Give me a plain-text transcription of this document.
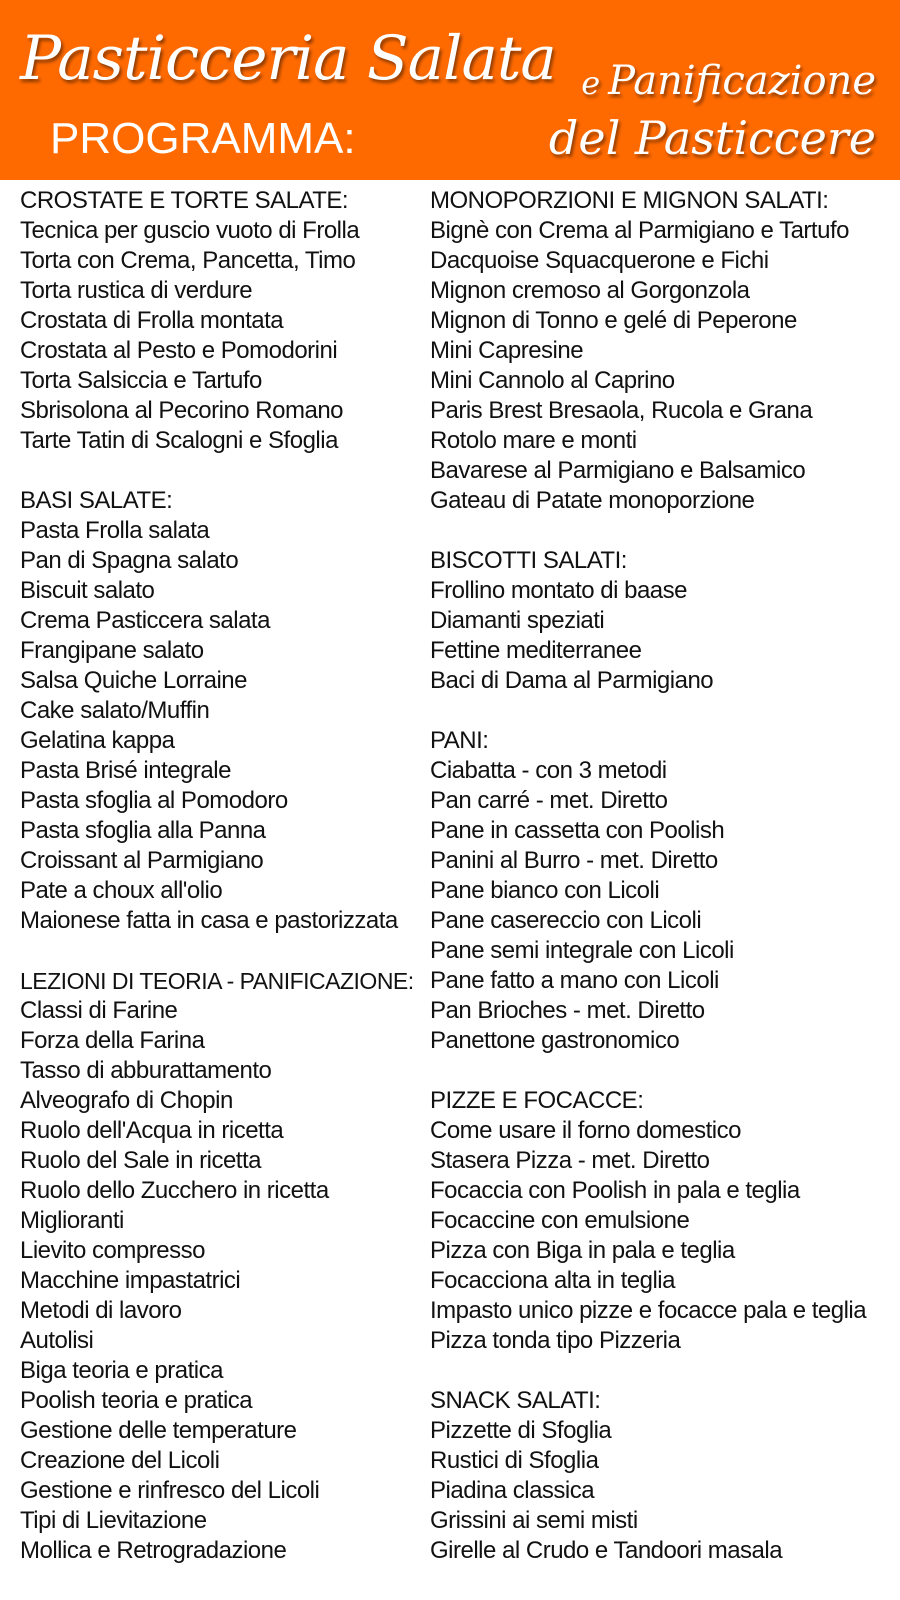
Pasticceria Salata e Panificazione
del Pasticcere
PROGRAMMA:
CROSTATE E TORTE SALATE:
Tecnica per guscio vuoto di Frolla
Torta con Crema, Pancetta, Timo
Torta rustica di verdure
Crostata di Frolla montata
Crostata al Pesto e Pomodorini
Torta Salsiccia e Tartufo
Sbrisolona al Pecorino Romano
Tarte Tatin di Scalogni e Sfoglia
BASI SALATE:
Pasta Frolla salata
Pan di Spagna salato
Biscuit salato
Crema Pasticcera salata
Frangipane salato
Salsa Quiche Lorraine
Cake salato/Muffin
Gelatina kappa
Pasta Brisé integrale
Pasta sfoglia al Pomodoro
Pasta sfoglia alla Panna
Croissant al Parmigiano
Pate a choux all'olio
Maionese fatta in casa e pastorizzata
LEZIONI DI TEORIA - PANIFICAZIONE:
Classi di Farine
Forza della Farina
Tasso di abburattamento
Alveografo di Chopin
Ruolo dell'Acqua in ricetta
Ruolo del Sale in ricetta
Ruolo dello Zucchero in ricetta
Miglioranti
Lievito compresso
Macchine impastatrici
Metodi di lavoro
Autolisi
Biga teoria e pratica
Poolish teoria e pratica
Gestione delle temperature
Creazione del Licoli
Gestione e rinfresco del Licoli
Tipi di Lievitazione
Mollica e Retrogradazione
MONOPORZIONI E MIGNON SALATI:
Bignè con Crema al Parmigiano e Tartufo
Dacquoise Squacquerone e Fichi
Mignon cremoso al Gorgonzola
Mignon di Tonno e gelé di Peperone
Mini Capresine
Mini Cannolo al Caprino
Paris Brest Bresaola, Rucola e Grana
Rotolo mare e monti
Bavarese al Parmigiano e Balsamico
Gateau di Patate monoporzione
BISCOTTI SALATI:
Frollino montato di baase
Diamanti speziati
Fettine mediterranee
Baci di Dama al Parmigiano
PANI:
Ciabatta - con 3 metodi
Pan carré - met. Diretto
Pane in cassetta con Poolish
Panini al Burro - met. Diretto
Pane bianco con Licoli
Pane casereccio con Licoli
Pane semi integrale con Licoli
Pane fatto a mano con Licoli
Pan Brioches - met. Diretto
Panettone gastronomico
PIZZE E FOCACCE:
Come usare il forno domestico
Stasera Pizza - met. Diretto
Focaccia con Poolish in pala e teglia
Focaccine con emulsione
Pizza con Biga in pala e teglia
Focacciona alta in teglia
Impasto unico pizze e focacce pala e teglia
Pizza tonda tipo Pizzeria
SNACK SALATI:
Pizzette di Sfoglia
Rustici di Sfoglia
Piadina classica
Grissini ai semi misti
Girelle al Crudo e Tandoori masala
